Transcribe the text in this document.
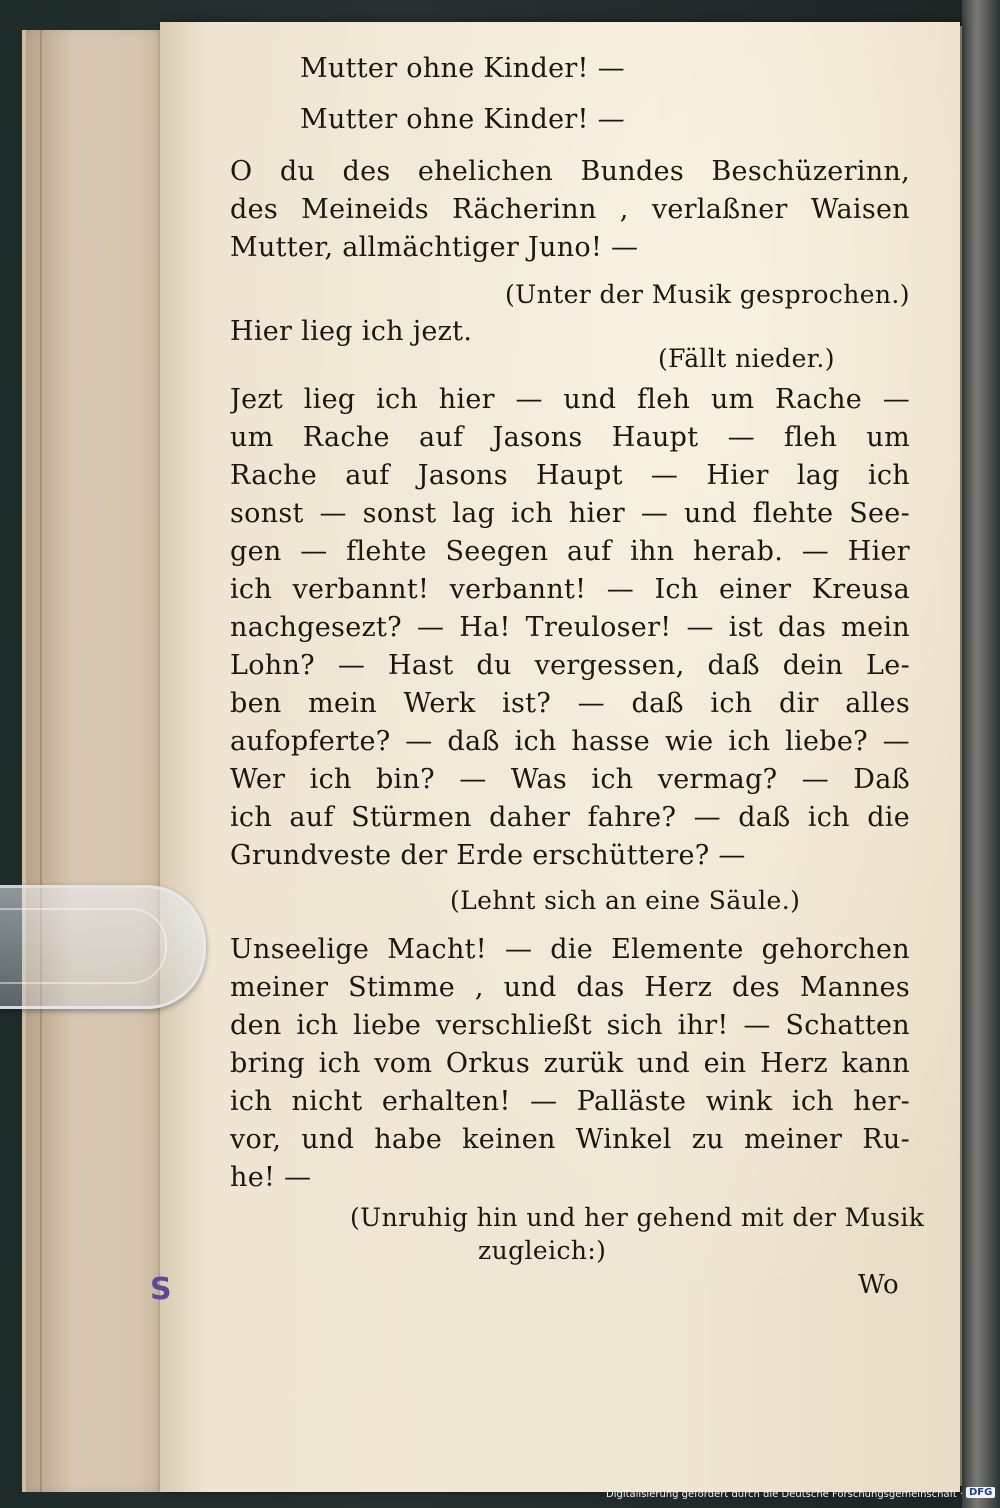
Mutter ohne Kinder! —
Mutter ohne Kinder! —
O du des ehelichen Bundes Beschüzerinn,
des Meineids Rächerinn , verlaßner Waisen
Mutter, allmächtiger Juno! —
(Unter der Musik gesprochen.)
Hier lieg ich jezt.
(Fällt nieder.)
Jezt lieg ich hier — und fleh um Rache —
um Rache auf Jasons Haupt — fleh um
Rache auf Jasons Haupt — Hier lag ich
sonst — sonst lag ich hier — und flehte See-
gen — flehte Seegen auf ihn herab. — Hier
ich verbannt! verbannt! — Ich einer Kreusa
nachgesezt? — Ha! Treuloser! — ist das mein
Lohn? — Hast du vergessen, daß dein Le-
ben mein Werk ist? — daß ich dir alles
aufopferte? — daß ich hasse wie ich liebe? —
Wer ich bin? — Was ich vermag? — Daß
ich auf Stürmen daher fahre? — daß ich die
Grundveste der Erde erschüttere? —
(Lehnt sich an eine Säule.)
Unseelige Macht! — die Elemente gehorchen
meiner Stimme , und das Herz des Mannes
den ich liebe verschließt sich ihr! — Schatten
bring ich vom Orkus zurük und ein Herz kann
ich nicht erhalten! — Palläste wink ich her-
vor, und habe keinen Winkel zu meiner Ru-
he! —
(Unruhig hin und her gehend mit der Musik
zugleich:)
Wo
S
Digitalisierung gefördert durch die Deutsche Forschungsgemeinschaft · DFG
